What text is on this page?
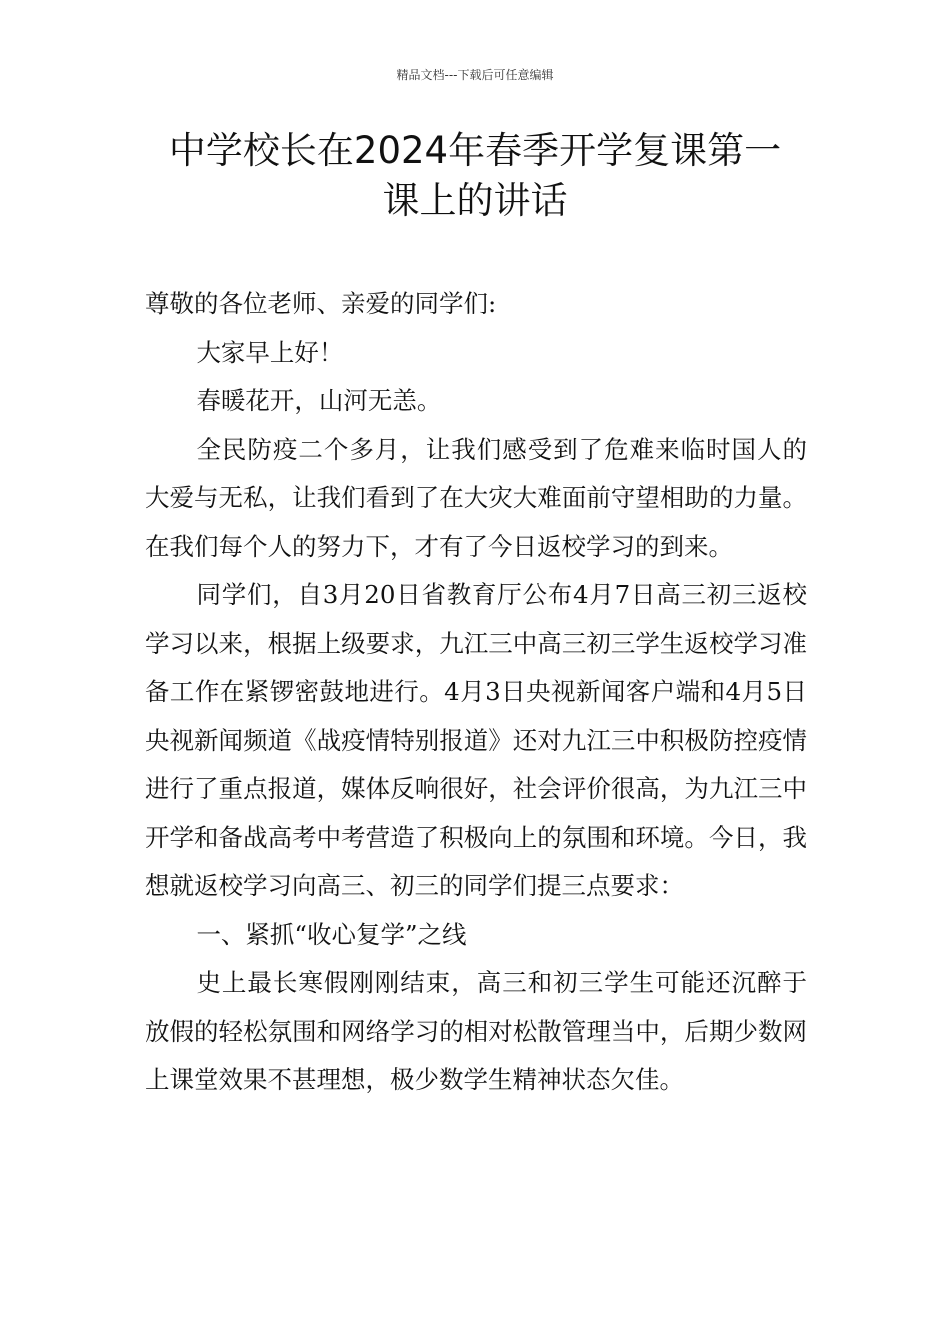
精品文档---下载后可任意编辑
中学校长在2024年春季开学复课第一
课上的讲话

尊敬的各位老师、亲爱的同学们:

大家早上好！

春暖花开，山河无恙。

全民防疫二个多月，让我们感受到了危难来临时国人的大爱与无私，让我们看到了在大灾大难面前守望相助的力量。在我们每个人的努力下，才有了今日返校学习的到来。

同学们，自3月20日省教育厅公布4月7日高三初三返校学习以来，根据上级要求，九江三中高三初三学生返校学习准备工作在紧锣密鼓地进行。4月3日央视新闻客户端和4月5日央视新闻频道《战疫情特别报道》还对九江三中积极防控疫情进行了重点报道，媒体反响很好，社会评价很高，为九江三中开学和备战高考中考营造了积极向上的氛围和环境。今日，我想就返校学习向高三、初三的同学们提三点要求：

一、紧抓“收心复学”之线

史上最长寒假刚刚结束，高三和初三学生可能还沉醉于放假的轻松氛围和网络学习的相对松散管理当中，后期少数网上课堂效果不甚理想，极少数学生精神状态欠佳。
